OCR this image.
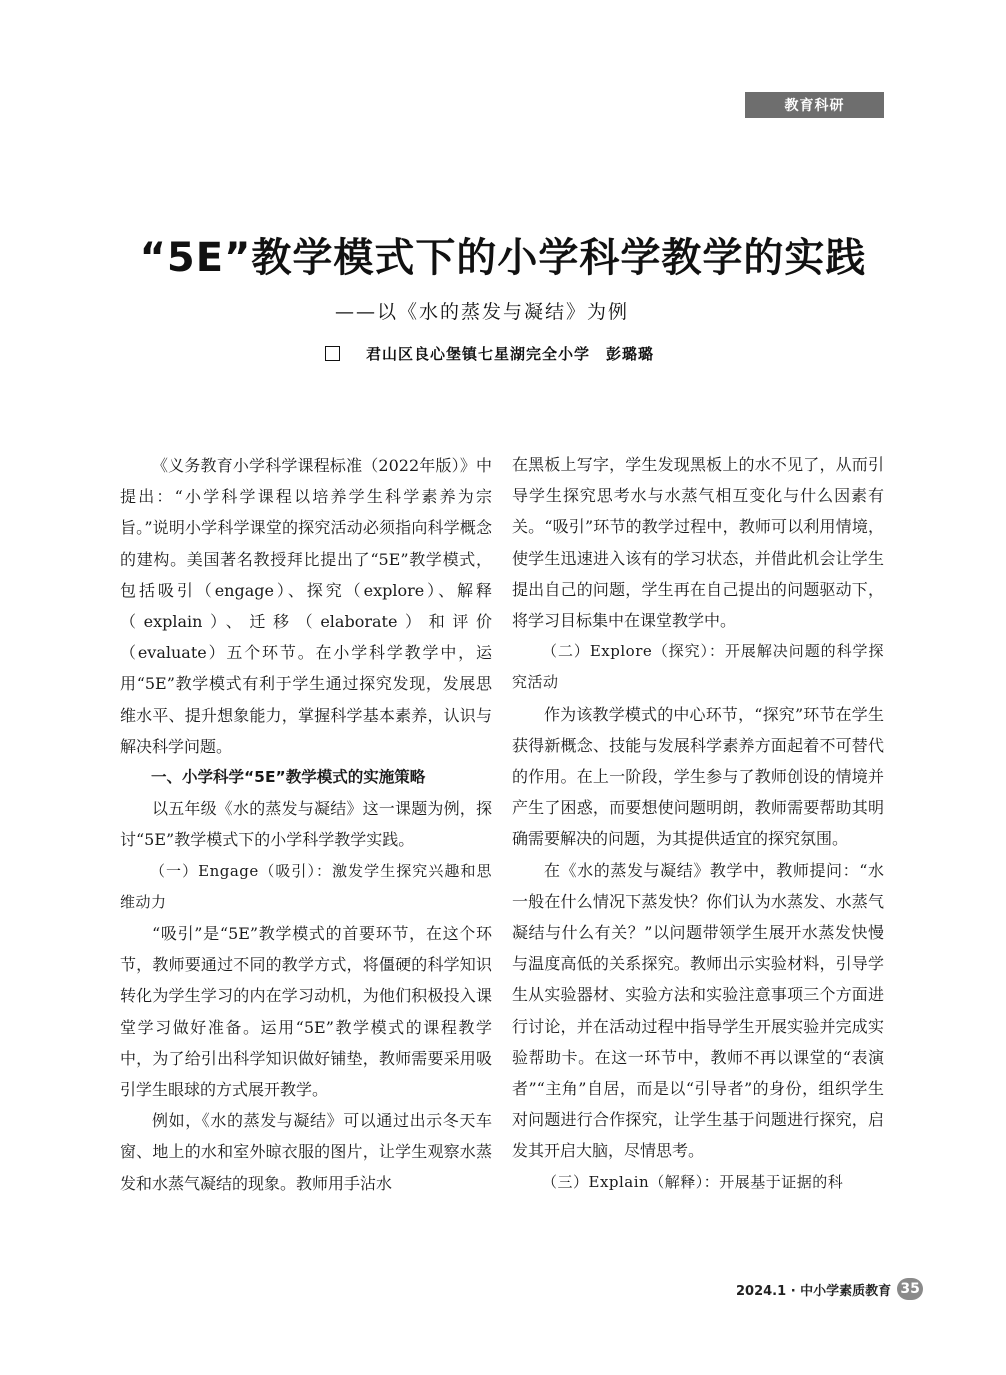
教育科研
“5E”教学模式下的小学科学教学的实践
——以《水的蒸发与凝结》为例
君山区良心堡镇七星湖完全小学　彭璐璐

《义务教育小学科学课程标准（2022年版）》中提出：“小学科学课程以培养学生科学素养为宗旨。”说明小学科学课堂的探究活动必须指向科学概念的建构。美国著名教授拜比提出了“5E”教学模式，包括吸引（engage）、探究（explore）、解释（explain）、迁移（elaborate）和评价（evaluate）五个环节。在小学科学教学中，运用“5E”教学模式有利于学生通过探究发现，发展思维水平、提升想象能力，掌握科学基本素养，认识与解决科学问题。

一、小学科学“5E”教学模式的实施策略

以五年级《水的蒸发与凝结》这一课题为例，探讨“5E”教学模式下的小学科学教学实践。

（一）Engage（吸引）：激发学生探究兴趣和思维动力

“吸引”是“5E”教学模式的首要环节，在这个环节，教师要通过不同的教学方式，将僵硬的科学知识转化为学生学习的内在学习动机，为他们积极投入课堂学习做好准备。运用“5E”教学模式的课程教学中，为了给引出科学知识做好铺垫，教师需要采用吸引学生眼球的方式展开教学。

例如，《水的蒸发与凝结》可以通过出示冬天车窗、地上的水和室外晾衣服的图片，让学生观察水蒸发和水蒸气凝结的现象。教师用手沾水

在黑板上写字，学生发现黑板上的水不见了，从而引导学生探究思考水与水蒸气相互变化与什么因素有关。“吸引”环节的教学过程中，教师可以利用情境，使学生迅速进入该有的学习状态，并借此机会让学生提出自己的问题，学生再在自己提出的问题驱动下，将学习目标集中在课堂教学中。

（二）Explore（探究）：开展解决问题的科学探究活动

作为该教学模式的中心环节，“探究”环节在学生获得新概念、技能与发展科学素养方面起着不可替代的作用。在上一阶段，学生参与了教师创设的情境并产生了困惑，而要想使问题明朗，教师需要帮助其明确需要解决的问题，为其提供适宜的探究氛围。

在《水的蒸发与凝结》教学中，教师提问：“水一般在什么情况下蒸发快？你们认为水蒸发、水蒸气凝结与什么有关？”以问题带领学生展开水蒸发快慢与温度高低的关系探究。教师出示实验材料，引导学生从实验器材、实验方法和实验注意事项三个方面进行讨论，并在活动过程中指导学生开展实验并完成实验帮助卡。在这一环节中，教师不再以课堂的“表演者”“主角”自居，而是以“引导者”的身份，组织学生对问题进行合作探究，让学生基于问题进行探究，启发其开启大脑，尽情思考。

（三）Explain（解释）：开展基于证据的科

2024.1 · 中小学素质教育 35
